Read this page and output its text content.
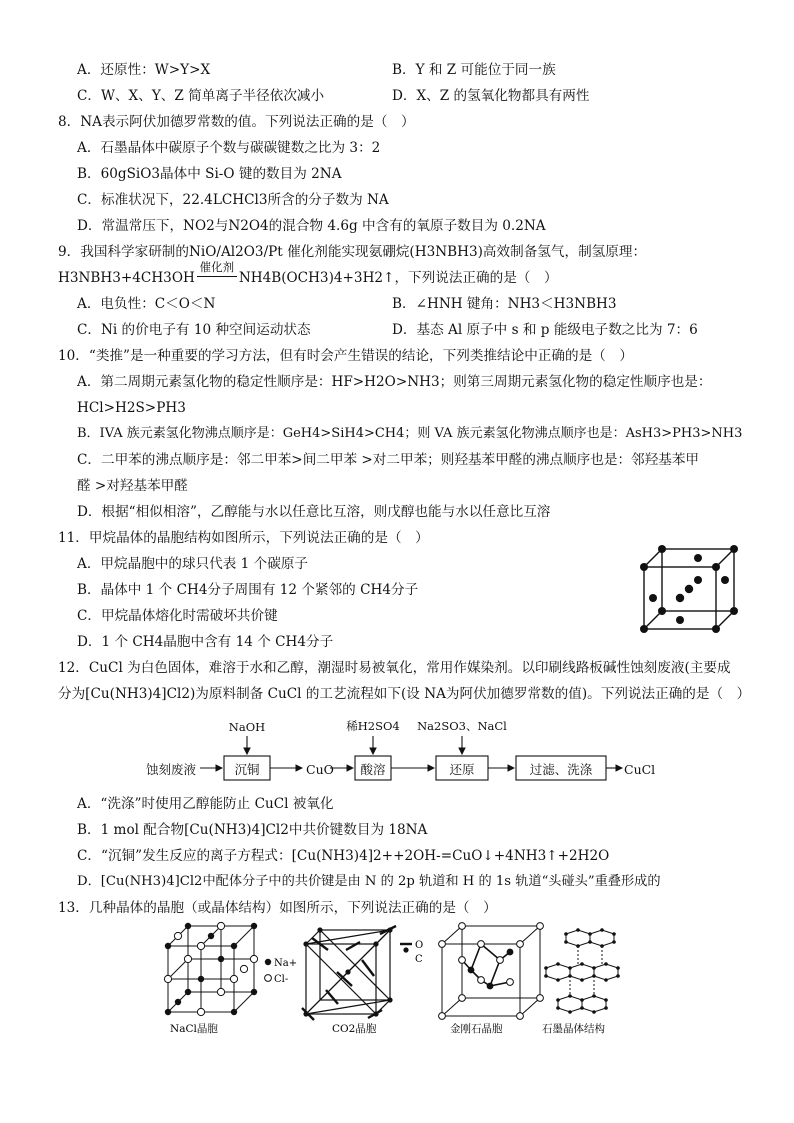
A．还原性：W>Y>X	B．Y 和 Z 可能位于同一族
C．W、X、Y、Z 简单离子半径依次减小	D．X、Z 的氢氧化物都具有两性
8．NA表示阿伏加德罗常数的值。下列说法正确的是（　）
A．石墨晶体中碳原子个数与碳碳键数之比为 3：2
B．60gSiO3晶体中 Si-O 键的数目为 2NA
C．标准状况下，22.4LCHCl3所含的分子数为 NA
D．常温常压下，NO2与N2O4的混合物 4.6g 中含有的氧原子数目为 0.2NA
9．我国科学家研制的NiO/Al2O3/Pt 催化剂能实现氨硼烷(H3NBH3)高效制备氢气，制氢原理：
H3NBH3+4CH3OH
催化剂
NH4B(OCH3)4+3H2↑，下列说法正确的是（　）
A．电负性：C＜O＜N	B．∠HNH 键角：NH3＜H3NBH3
C．Ni 的价电子有 10 种空间运动状态	D．基态 Al 原子中 s 和 p 能级电子数之比为 7：6
10．“类推”是一种重要的学习方法，但有时会产生错误的结论，下列类推结论中正确的是（　）
A．第二周期元素氢化物的稳定性顺序是：HF>H2O>NH3；则第三周期元素氢化物的稳定性顺序也是：
HCl>H2S>PH3
B．IVA 族元素氢化物沸点顺序是：GeH4>SiH4>CH4；则 VA 族元素氢化物沸点顺序也是：AsH3>PH3>NH3
C．二甲苯的沸点顺序是：邻二甲苯>间二甲苯 >对二甲苯；则羟基苯甲醛的沸点顺序也是：邻羟基苯甲
醛 >对羟基苯甲醛
D．根据“相似相溶”，乙醇能与水以任意比互溶，则戊醇也能与水以任意比互溶
11．甲烷晶体的晶胞结构如图所示，下列说法正确的是（　）
A．甲烷晶胞中的球只代表 1 个碳原子
B．晶体中 1 个 CH4分子周围有 12 个紧邻的 CH4分子
C．甲烷晶体熔化时需破坏共价键
D．1 个 CH4晶胞中含有 14 个 CH4分子
12．CuCl 为白色固体，难溶于水和乙醇，潮湿时易被氧化，常用作媒染剂。以印刷线路板碱性蚀刻废液(主要成
分为[Cu(NH3)4]Cl2)为原料制备 CuCl 的工艺流程如下(设 NA为阿伏加德罗常数的值)。下列说法正确的是（　）
蚀刻废液
NaOH
CuO
稀H2SO4 Na2SO3、NaCl
CuCl
沉铜	酸溶	还原	过滤、洗涤
A．“洗涤”时使用乙醇能防止 CuCl 被氧化
B．1 mol 配合物[Cu(NH3)4]Cl2中共价键数目为 18NA
C．“沉铜”发生反应的离子方程式：[Cu(NH3)4]2++2OH-=CuO↓+4NH3↑+2H2O
D．[Cu(NH3)4]Cl2中配体分子中的共价键是由 N 的 2p 轨道和 H 的 1s 轨道“头碰头”重叠形成的
13．几种晶体的晶胞（或晶体结构）如图所示，下列说法正确的是（　）
Na+
Cl-
NaCl晶胞
O
C
CO2晶胞	金刚石晶胞	石墨晶体结构
